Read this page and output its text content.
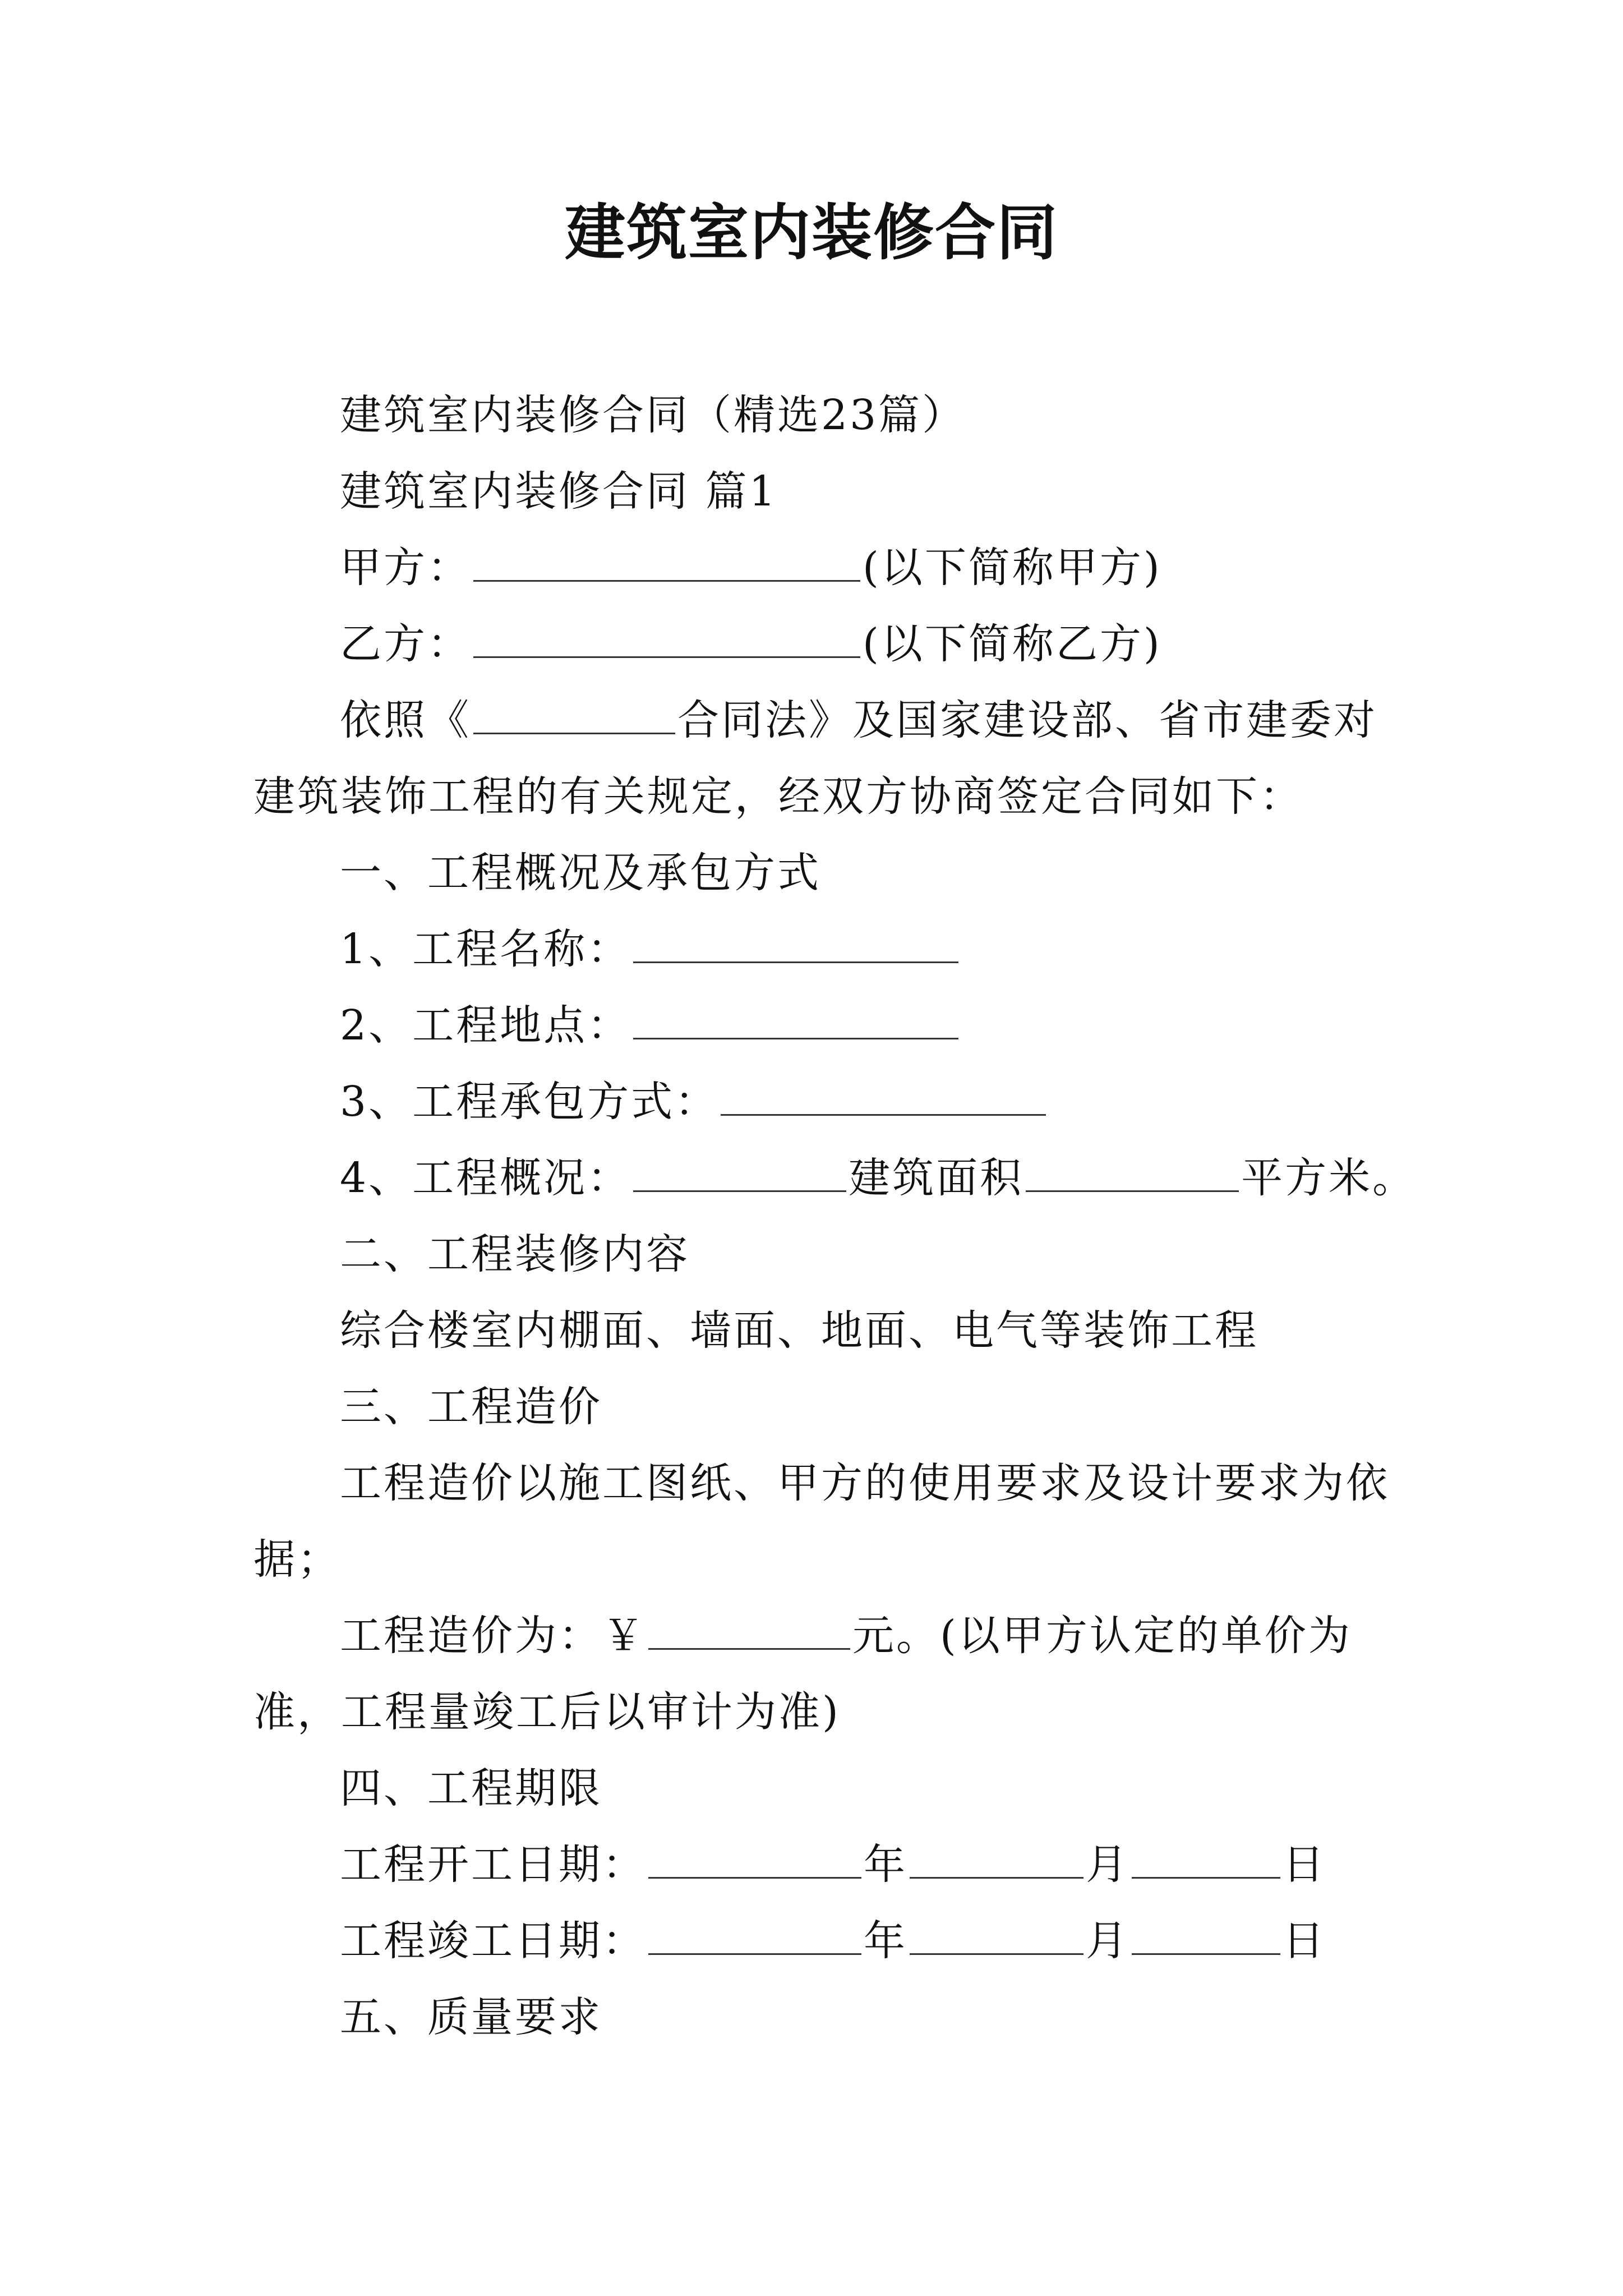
建筑室内装修合同
建筑室内装修合同（精选23篇）
建筑室内装修合同 篇1
甲方：	(以下简称甲方)
乙方：	(以下简称乙方)
依照《	合同法》及国家建设部、省市建委对
建筑装饰工程的有关规定，经双方协商签定合同如下：
一、工程概况及承包方式
1、工程名称：
2、工程地点：
3、工程承包方式：
4、工程概况：	建筑面积	平方米。
二、工程装修内容
综合楼室内棚面、墙面、地面、电气等装饰工程
三、工程造价
工程造价以施工图纸、甲方的使用要求及设计要求为依
据；
工程造价为：￥	元。(以甲方认定的单价为
准，工程量竣工后以审计为准)
四、工程期限
工程开工日期：	年	月	日
工程竣工日期：	年	月	日
五、质量要求
